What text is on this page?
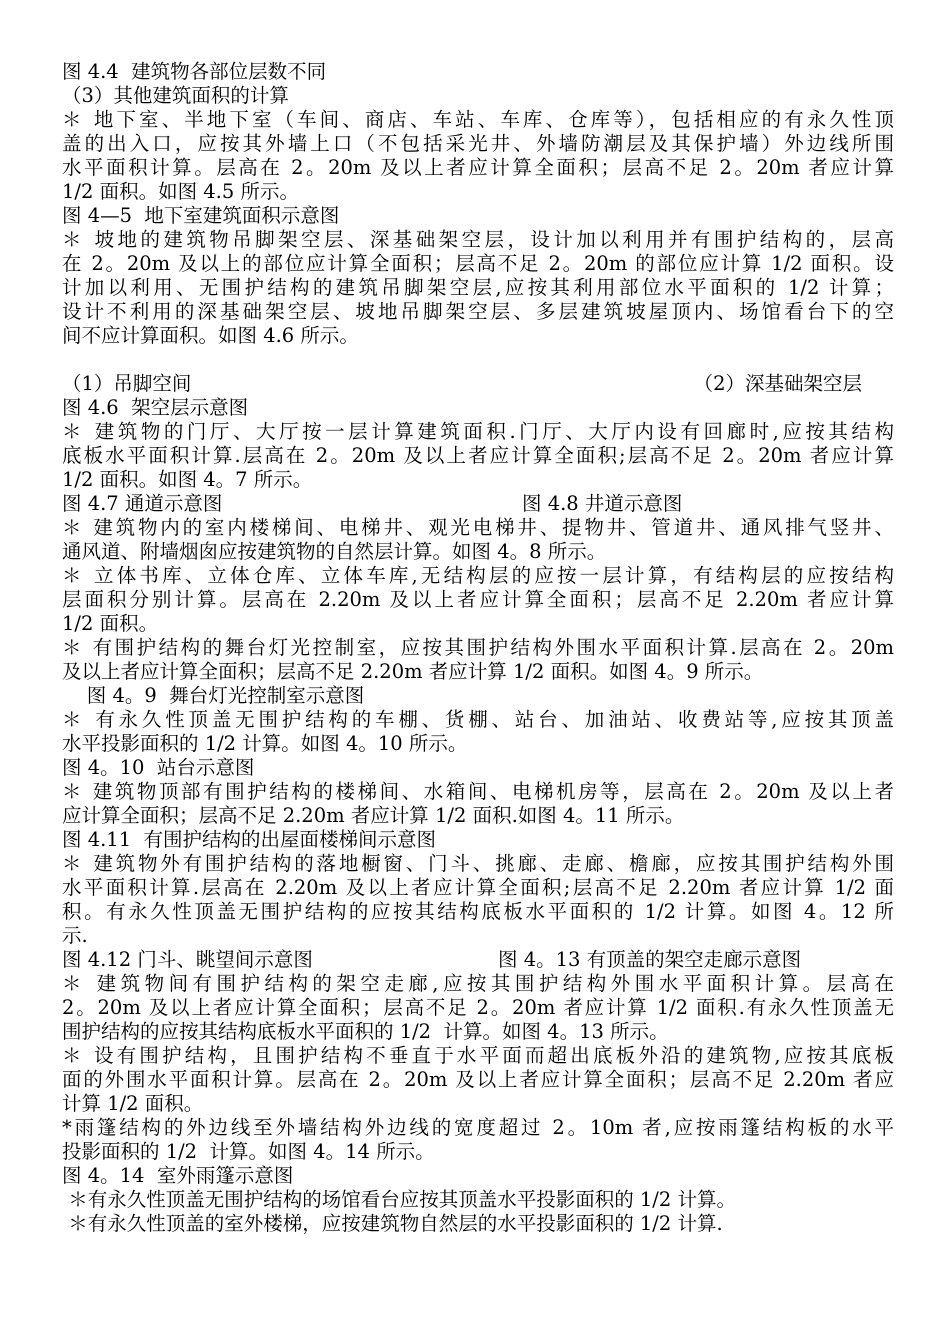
图 4.4  建筑物各部位层数不同
（3）其他建筑面积的计算
＊ 地下室、半地下室（车间、商店、车站、车库、仓库等），包括相应的有永久性顶
盖的出入口，应按其外墙上口（不包括采光井、外墙防潮层及其保护墙）外边线所围
水平面积计算。层高在 2。20m 及以上者应计算全面积；层高不足 2。20m 者应计算
1/2 面积。如图 4.5 所示。
图 4—5  地下室建筑面积示意图
＊ 坡地的建筑物吊脚架空层、深基础架空层，设计加以利用并有围护结构的，层高
在 2。20m 及以上的部位应计算全面积；层高不足 2。20m 的部位应计算 1/2 面积。设
计加以利用、无围护结构的建筑吊脚架空层,应按其利用部位水平面积的 1/2 计算；
设计不利用的深基础架空层、坡地吊脚架空层、多层建筑坡屋顶内、场馆看台下的空
间不应计算面积。如图 4.6 所示。
（1）吊脚空间	（2）深基础架空层
图 4.6  架空层示意图
＊ 建筑物的门厅、大厅按一层计算建筑面积.门厅、大厅内设有回廊时,应按其结构
底板水平面积计算.层高在 2。20m 及以上者应计算全面积;层高不足 2。20m 者应计算
1/2 面积。如图 4。7 所示。
图 4.7 通道示意图	图 4.8 井道示意图
＊ 建筑物内的室内楼梯间、电梯井、观光电梯井、提物井、管道井、通风排气竖井、
通风道、附墙烟囱应按建筑物的自然层计算。如图 4。8 所示。
＊ 立体书库、立体仓库、立体车库,无结构层的应按一层计算，有结构层的应按结构
层面积分别计算。层高在 2.20m 及以上者应计算全面积；层高不足 2.20m 者应计算
1/2 面积。
＊ 有围护结构的舞台灯光控制室，应按其围护结构外围水平面积计算.层高在 2。20m
及以上者应计算全面积；层高不足 2.20m 者应计算 1/2 面积。如图 4。9 所示。
图 4。9  舞台灯光控制室示意图
＊ 有永久性顶盖无围护结构的车棚、货棚、站台、加油站、收费站等,应按其顶盖
水平投影面积的 1/2 计算。如图 4。10 所示。
图 4。10  站台示意图
＊ 建筑物顶部有围护结构的楼梯间、水箱间、电梯机房等，层高在 2。20m 及以上者
应计算全面积；层高不足 2.20m 者应计算 1/2 面积.如图 4。11 所示。
图 4.11  有围护结构的出屋面楼梯间示意图
＊ 建筑物外有围护结构的落地橱窗、门斗、挑廊、走廊、檐廊，应按其围护结构外围
水平面积计算.层高在 2.20m 及以上者应计算全面积;层高不足 2.20m 者应计算 1/2 面
积。有永久性顶盖无围护结构的应按其结构底板水平面积的 1/2 计算。如图 4。12 所
示.
图 4.12 门斗、眺望间示意图	图 4。13 有顶盖的架空走廊示意图
＊ 建筑物间有围护结构的架空走廊,应按其围护结构外围水平面积计算。层高在
2。20m 及以上者应计算全面积；层高不足 2。20m 者应计算 1/2 面积.有永久性顶盖无
围护结构的应按其结构底板水平面积的 1/2  计算。如图 4。13 所示。
＊ 设有围护结构，且围护结构不垂直于水平面而超出底板外沿的建筑物,应按其底板
面的外围水平面积计算。层高在 2。20m 及以上者应计算全面积；层高不足 2.20m 者应
计算 1/2 面积。
*雨篷结构的外边线至外墙结构外边线的宽度超过 2。10m 者,应按雨篷结构板的水平
投影面积的 1/2  计算。如图 4。14 所示。
图 4。14  室外雨篷示意图
＊有永久性顶盖无围护结构的场馆看台应按其顶盖水平投影面积的 1/2 计算。
＊有永久性顶盖的室外楼梯，应按建筑物自然层的水平投影面积的 1/2 计算.
